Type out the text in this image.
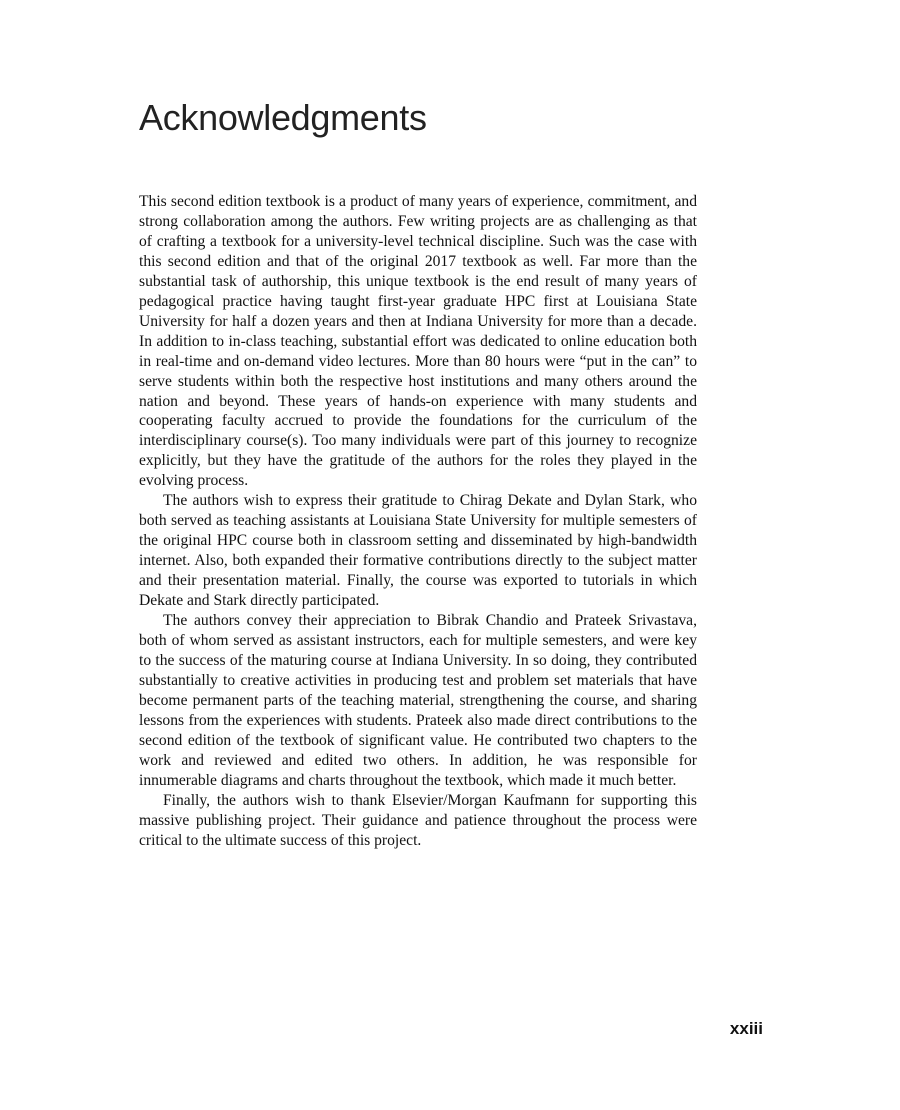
Acknowledgments

This second edition textbook is a product of many years of experience, commitment, and strong collaboration among the authors. Few writing projects are as challenging as that of crafting a textbook for a university-level technical discipline. Such was the case with this second edition and that of the original 2017 textbook as well. Far more than the substantial task of authorship, this unique textbook is the end result of many years of pedagogical practice having taught first-year graduate HPC first at Louisiana State University for half a dozen years and then at Indiana University for more than a decade. In addition to in-class teaching, substantial effort was dedicated to online education both in real-time and on-demand video lectures. More than 80 hours were “put in the can” to serve students within both the respective host institutions and many others around the nation and beyond. These years of hands-on experience with many students and cooperating faculty accrued to provide the foundations for the curriculum of the interdisciplinary course(s). Too many individuals were part of this journey to recognize explicitly, but they have the gratitude of the authors for the roles they played in the evolving process.

The authors wish to express their gratitude to Chirag Dekate and Dylan Stark, who both served as teaching assistants at Louisiana State University for multiple semesters of the original HPC course both in classroom setting and disseminated by high-bandwidth internet. Also, both expanded their formative contributions directly to the subject matter and their presentation material. Finally, the course was exported to tutorials in which Dekate and Stark directly participated.

The authors convey their appreciation to Bibrak Chandio and Prateek Srivastava, both of whom served as assistant instructors, each for multiple semesters, and were key to the success of the maturing course at Indiana University. In so doing, they contributed substantially to creative activities in producing test and problem set materials that have become permanent parts of the teaching material, strengthening the course, and sharing lessons from the experiences with students. Prateek also made direct contributions to the second edition of the textbook of significant value. He contributed two chapters to the work and reviewed and edited two others. In addition, he was responsible for innumerable diagrams and charts throughout the textbook, which made it much better.

Finally, the authors wish to thank Elsevier/Morgan Kaufmann for supporting this massive publishing project. Their guidance and patience throughout the process were critical to the ultimate success of this project.

xxiii
